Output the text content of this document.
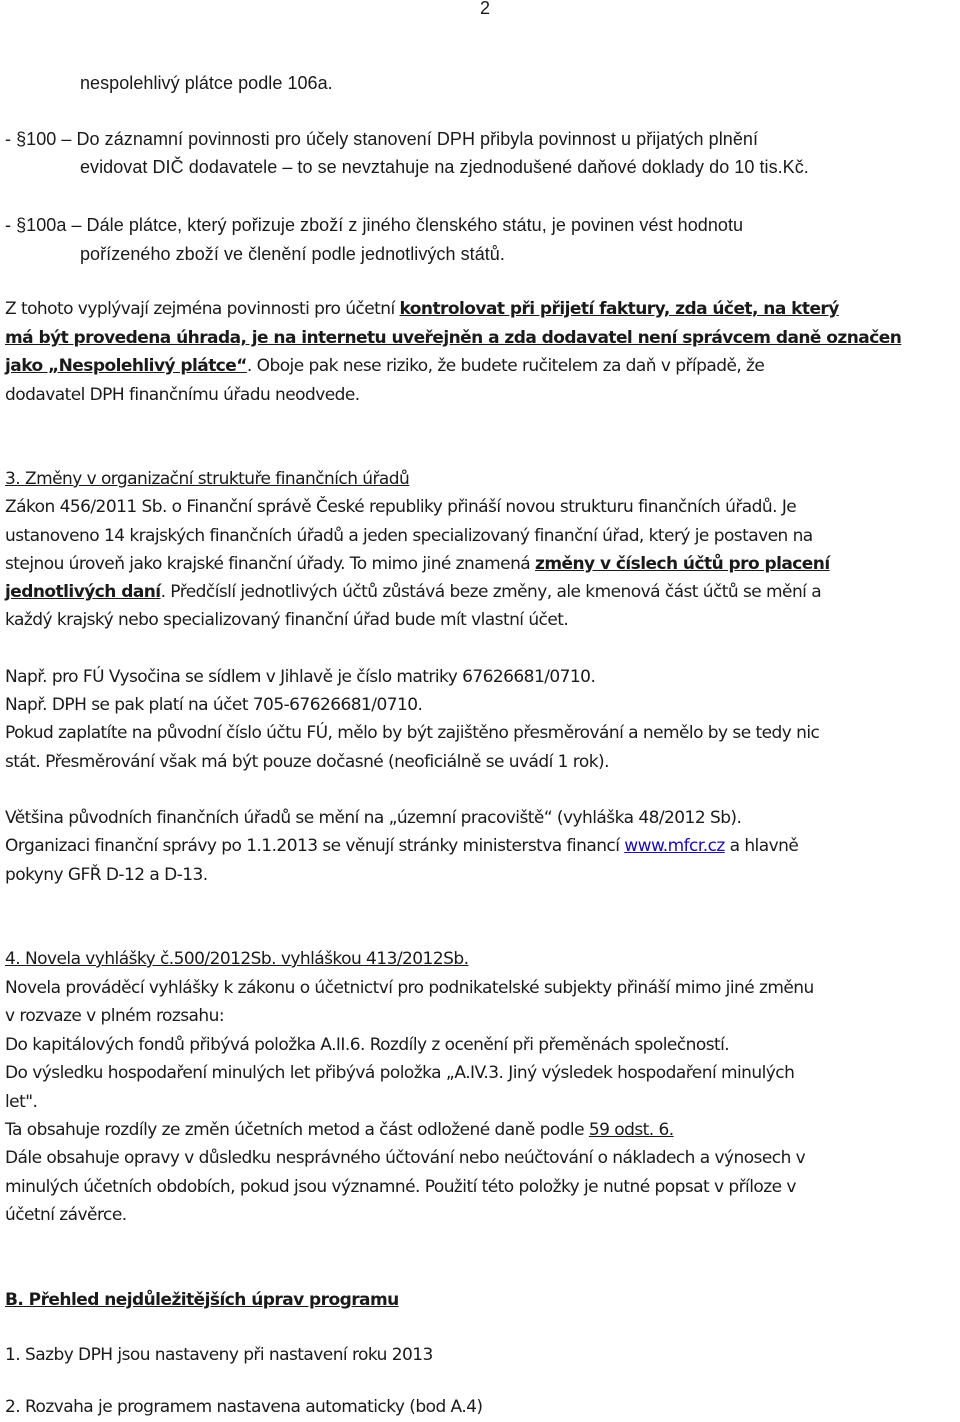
2
nespolehlivý plátce podle 106a.
- §100 – Do záznamní povinnosti pro účely stanovení DPH přibyla povinnost u přijatých plnění
evidovat DIČ dodavatele – to se nevztahuje na zjednodušené daňové doklady do 10 tis.Kč.
- §100a – Dále plátce, který pořizuje zboží z jiného členského státu, je povinen vést hodnotu
pořízeného zboží ve členění podle jednotlivých států.
Z tohoto vyplývají zejména povinnosti pro účetní kontrolovat při přijetí faktury, zda účet, na který
má být provedena úhrada, je na internetu uveřejněn a zda dodavatel není správcem daně označen
jako „Nespolehlivý plátce“. Oboje pak nese riziko, že budete ručitelem za daň v případě, že
dodavatel DPH finančnímu úřadu neodvede.
3. Změny v organizační struktuře finančních úřadů
Zákon 456/2011 Sb. o Finanční správě České republiky přináší novou strukturu finančních úřadů. Je
ustanoveno 14 krajských finančních úřadů a jeden specializovaný finanční úřad, který je postaven na
stejnou úroveň jako krajské finanční úřady. To mimo jiné znamená změny v číslech účtů pro placení
jednotlivých daní. Předčíslí jednotlivých účtů zůstává beze změny, ale kmenová část účtů se mění a
každý krajský nebo specializovaný finanční úřad bude mít vlastní účet.
Např. pro FÚ Vysočina se sídlem v Jihlavě je číslo matriky 67626681/0710.
Např. DPH se pak platí na účet 705-67626681/0710.
Pokud zaplatíte na původní číslo účtu FÚ, mělo by být zajištěno přesměrování a nemělo by se tedy nic
stát. Přesměrování však má být pouze dočasné (neoficiálně se uvádí 1 rok).
Většina původních finančních úřadů se mění na „územní pracoviště“ (vyhláška 48/2012 Sb).
Organizaci finanční správy po 1.1.2013 se věnují stránky ministerstva financí www.mfcr.cz a hlavně
pokyny GFŘ D-12 a D-13.
4. Novela vyhlášky č.500/2012Sb. vyhláškou 413/2012Sb.
Novela prováděcí vyhlášky k zákonu o účetnictví pro podnikatelské subjekty přináší mimo jiné změnu
v rozvaze v plném rozsahu:
Do kapitálových fondů přibývá položka A.II.6. Rozdíly z ocenění při přeměnách společností.
Do výsledku hospodaření minulých let přibývá položka „A.IV.3. Jiný výsledek hospodaření minulých
let".
Ta obsahuje rozdíly ze změn účetních metod a část odložené daně podle 59 odst. 6.
Dále obsahuje opravy v důsledku nesprávného účtování nebo neúčtování o nákladech a výnosech v
minulých účetních obdobích, pokud jsou významné. Použití této položky je nutné popsat v příloze v
účetní závěrce.
B. Přehled nejdůležitějších úprav programu
1. Sazby DPH jsou nastaveny při nastavení roku 2013
2. Rozvaha je programem nastavena automaticky (bod A.4)
